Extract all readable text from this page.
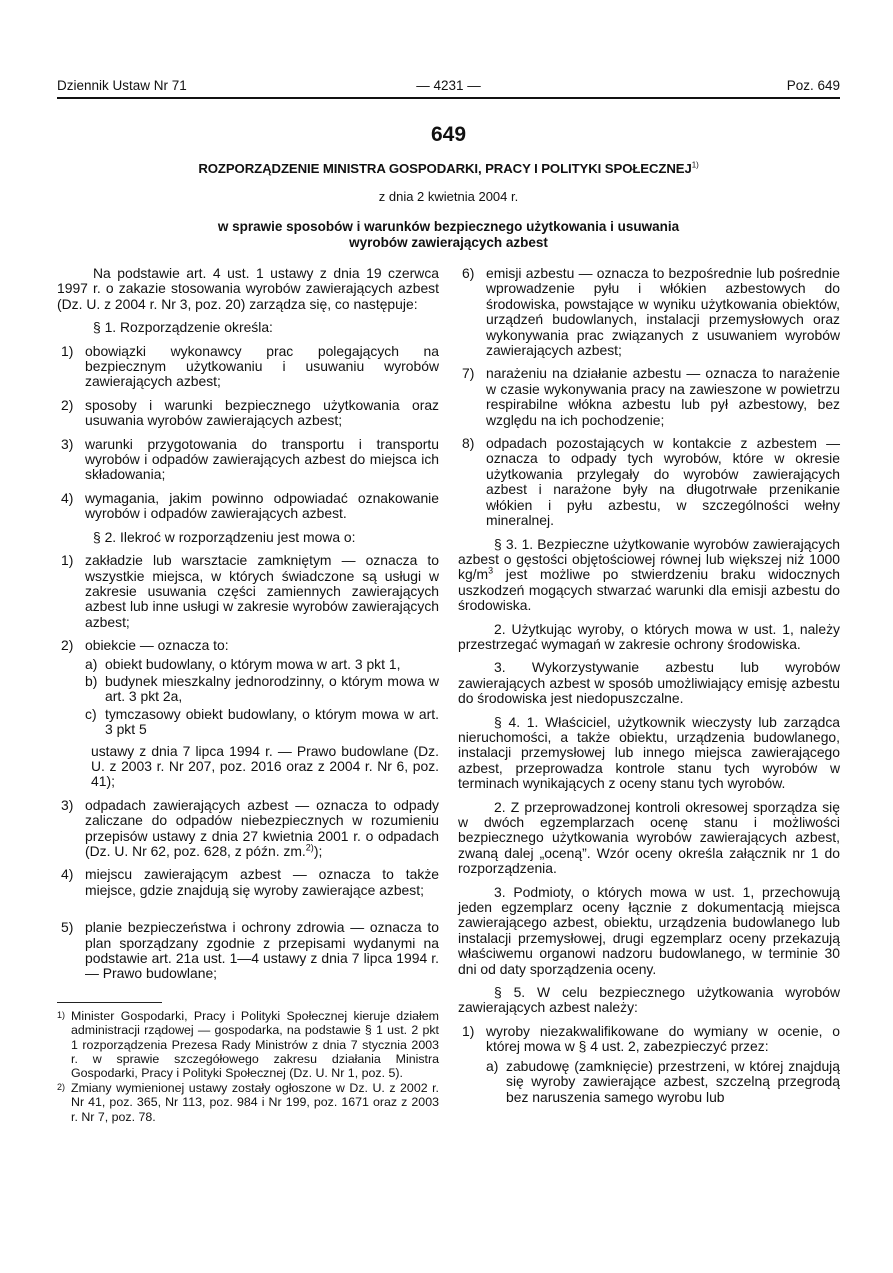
Dziennik Ustaw Nr 71	— 4231 —	Poz. 649
649
ROZPORZĄDZENIE MINISTRA GOSPODARKI, PRACY I POLITYKI SPOŁECZNEJ$^{1)}$
z dnia 2 kwietnia 2004 r.
w sprawie sposobów i warunków bezpiecznego użytkowania i usuwania
wyrobów zawierających azbest

Na podstawie art. 4 ust. 1 ustawy z dnia 19 czerwca 1997 r. o zakazie stosowania wyrobów zawierających azbest (Dz. U. z 2004 r. Nr 3, poz. 20) zarządza się, co następuje:

§ 1. Rozporządzenie określa:

1) obowiązki wykonawcy prac polegających na bezpiecznym użytkowaniu i usuwaniu wyrobów zawierających azbest;
2) sposoby i warunki bezpiecznego użytkowania oraz usuwania wyrobów zawierających azbest;
3) warunki przygotowania do transportu i transportu wyrobów i odpadów zawierających azbest do miejsca ich składowania;
4) wymagania, jakim powinno odpowiadać oznakowanie wyrobów i odpadów zawierających azbest.

§ 2. Ilekroć w rozporządzeniu jest mowa o:

1) zakładzie lub warsztacie zamkniętym — oznacza to wszystkie miejsca, w których świadczone są usługi w zakresie usuwania części zamiennych zawierających azbest lub inne usługi w zakresie wyrobów zawierających azbest;
2) obiekcie — oznacza to:
a) obiekt budowlany, o którym mowa w art. 3 pkt 1,
b) budynek mieszkalny jednorodzinny, o którym mowa w art. 3 pkt 2a,
c) tymczasowy obiekt budowlany, o którym mowa w art. 3 pkt 5
ustawy z dnia 7 lipca 1994 r. — Prawo budowlane (Dz. U. z 2003 r. Nr 207, poz. 2016 oraz z 2004 r. Nr 6, poz. 41);
3) odpadach zawierających azbest — oznacza to odpady zaliczane do odpadów niebezpiecznych w rozumieniu przepisów ustawy z dnia 27 kwietnia 2001 r. o odpadach (Dz. U. Nr 62, poz. 628, z późn. zm.$^{2)}$);
4) miejscu zawierającym azbest — oznacza to także miejsce, gdzie znajdują się wyroby zawierające azbest;
5) planie bezpieczeństwa i ochrony zdrowia — oznacza to plan sporządzany zgodnie z przepisami wydanymi na podstawie art. 21a ust. 1—4 ustawy z dnia 7 lipca 1994 r. — Prawo budowlane;
1) Minister Gospodarki, Pracy i Polityki Społecznej kieruje działem administracji rządowej — gospodarka, na podstawie § 1 ust. 2 pkt 1 rozporządzenia Prezesa Rady Ministrów z dnia 7 stycznia 2003 r. w sprawie szczegółowego zakresu działania Ministra Gospodarki, Pracy i Polityki Społecznej (Dz. U. Nr 1, poz. 5).
2) Zmiany wymienionej ustawy zostały ogłoszone w Dz. U. z 2002 r. Nr 41, poz. 365, Nr 113, poz. 984 i Nr 199, poz. 1671 oraz z 2003 r. Nr 7, poz. 78.
6) emisji azbestu — oznacza to bezpośrednie lub pośrednie wprowadzenie pyłu i włókien azbestowych do środowiska, powstające w wyniku użytkowania obiektów, urządzeń budowlanych, instalacji przemysłowych oraz wykonywania prac związanych z usuwaniem wyrobów zawierających azbest;
7) narażeniu na działanie azbestu — oznacza to narażenie w czasie wykonywania pracy na zawieszone w powietrzu respirabilne włókna azbestu lub pył azbestowy, bez względu na ich pochodzenie;
8) odpadach pozostających w kontakcie z azbestem — oznacza to odpady tych wyrobów, które w okresie użytkowania przylegały do wyrobów zawierających azbest i narażone były na długotrwałe przenikanie włókien i pyłu azbestu, w szczególności wełny mineralnej.

§ 3. 1. Bezpieczne użytkowanie wyrobów zawierających azbest o gęstości objętościowej równej lub większej niż 1000 $kg/m^3$ jest możliwe po stwierdzeniu braku widocznych uszkodzeń mogących stwarzać warunki dla emisji azbestu do środowiska.

2. Użytkując wyroby, o których mowa w ust. 1, należy przestrzegać wymagań w zakresie ochrony środowiska.

3. Wykorzystywanie azbestu lub wyrobów zawierających azbest w sposób umożliwiający emisję azbestu do środowiska jest niedopuszczalne.

§ 4. 1. Właściciel, użytkownik wieczysty lub zarządca nieruchomości, a także obiektu, urządzenia budowlanego, instalacji przemysłowej lub innego miejsca zawierającego azbest, przeprowadza kontrole stanu tych wyrobów w terminach wynikających z oceny stanu tych wyrobów.

2. Z przeprowadzonej kontroli okresowej sporządza się w dwóch egzemplarzach ocenę stanu i możliwości bezpiecznego użytkowania wyrobów zawierających azbest, zwaną dalej „oceną”. Wzór oceny określa załącznik nr 1 do rozporządzenia.

3. Podmioty, o których mowa w ust. 1, przechowują jeden egzemplarz oceny łącznie z dokumentacją miejsca zawierającego azbest, obiektu, urządzenia budowlanego lub instalacji przemysłowej, drugi egzemplarz oceny przekazują właściwemu organowi nadzoru budowlanego, w terminie 30 dni od daty sporządzenia oceny.

§ 5. W celu bezpiecznego użytkowania wyrobów zawierających azbest należy:

1) wyroby niezakwalifikowane do wymiany w ocenie, o której mowa w § 4 ust. 2, zabezpieczyć przez:
a) zabudowę (zamknięcie) przestrzeni, w której znajdują się wyroby zawierające azbest, szczelną przegrodą bez naruszenia samego wyrobu lub
